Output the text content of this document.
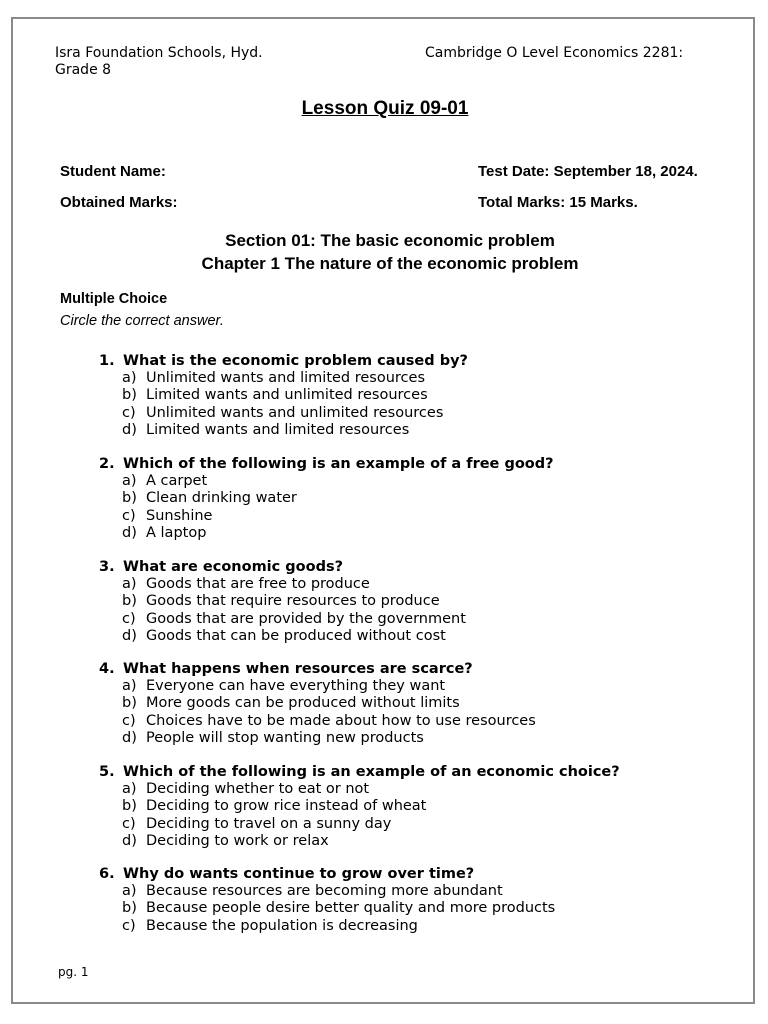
Isra Foundation Schools, Hyd.
Grade 8
Cambridge O Level Economics 2281:
Lesson Quiz 09-01
Student Name:	Test Date: September 18, 2024.
Obtained Marks:	Total Marks: 15 Marks.
Section 01: The basic economic problem
Chapter 1 The nature of the economic problem
Multiple Choice
Circle the correct answer.
1. What is the economic problem caused by?
a) Unlimited wants and limited resources
b) Limited wants and unlimited resources
c) Unlimited wants and unlimited resources
d) Limited wants and limited resources
2. Which of the following is an example of a free good?
a) A carpet
b) Clean drinking water
c) Sunshine
d) A laptop
3. What are economic goods?
a) Goods that are free to produce
b) Goods that require resources to produce
c) Goods that are provided by the government
d) Goods that can be produced without cost
4. What happens when resources are scarce?
a) Everyone can have everything they want
b) More goods can be produced without limits
c) Choices have to be made about how to use resources
d) People will stop wanting new products
5. Which of the following is an example of an economic choice?
a) Deciding whether to eat or not
b) Deciding to grow rice instead of wheat
c) Deciding to travel on a sunny day
d) Deciding to work or relax
6. Why do wants continue to grow over time?
a) Because resources are becoming more abundant
b) Because people desire better quality and more products
c) Because the population is decreasing
pg. 1
